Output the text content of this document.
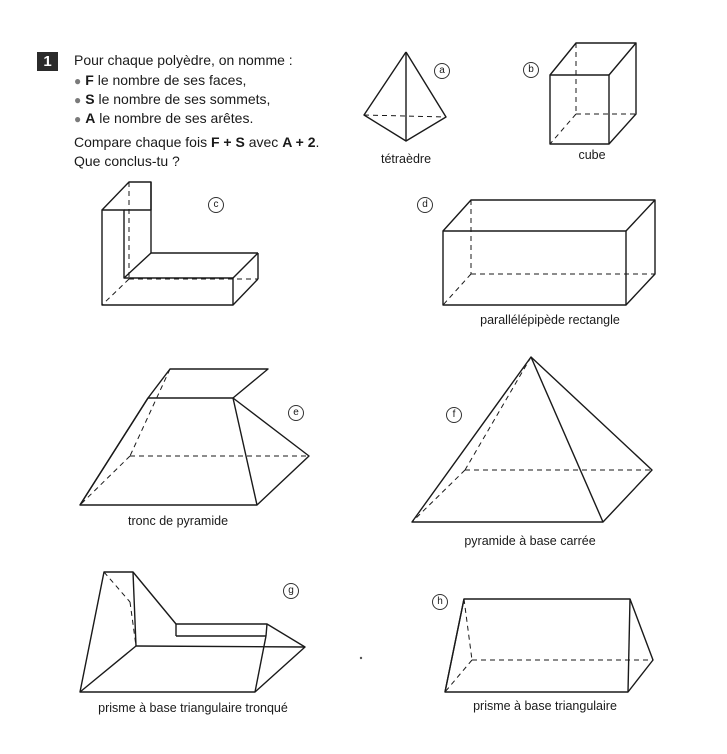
1	Pour chaque polyèdre, on nomme :
● F le nombre de ses faces,
● S le nombre de ses sommets,
● A le nombre de ses arêtes.
Compare chaque fois F + S avec A + 2.
Que conclus-tu ?
a	b
c	d
e	f
g
h
tétraèdre	cube
parallélépipède rectangle
tronc de pyramide
pyramide à base carrée
prisme à base triangulaire tronqué	prisme à base triangulaire
